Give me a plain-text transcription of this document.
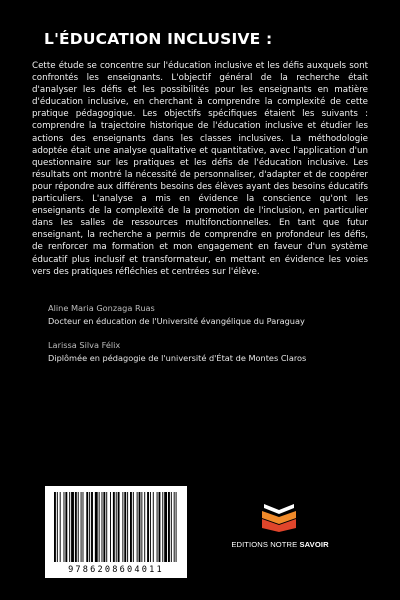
L'ÉDUCATION INCLUSIVE :
Cette étude se concentre sur l'éducation inclusive et les défis auxquels sont confrontés les enseignants. L'objectif général de la recherche était d'analyser les défis et les possibilités pour les enseignants en matière d'éducation inclusive, en cherchant à comprendre la complexité de cette pratique pédagogique. Les objectifs spécifiques étaient les suivants : comprendre la trajectoire historique de l'éducation inclusive et étudier les actions des enseignants dans les classes inclusives. La méthodologie adoptée était une analyse qualitative et quantitative, avec l'application d'un questionnaire sur les pratiques et les défis de l'éducation inclusive. Les résultats ont montré la nécessité de personnaliser, d'adapter et de coopérer pour répondre aux différents besoins des élèves ayant des besoins éducatifs particuliers. L'analyse a mis en évidence la conscience qu'ont les enseignants de la complexité de la promotion de l'inclusion, en particulier dans les salles de ressources multifonctionnelles. En tant que futur enseignant, la recherche a permis de comprendre en profondeur les défis, de renforcer ma formation et mon engagement en faveur d'un système éducatif plus inclusif et transformateur, en mettant en évidence les voies vers des pratiques réfléchies et centrées sur l'élève.
Aline Maria Gonzaga Ruas
Docteur en éducation de l'Université évangélique du Paraguay
Larissa Silva Félix
Diplômée en pédagogie de l'université d'État de Montes Claros
9786208604011
EDITIONS NOTRE SAVOIR
